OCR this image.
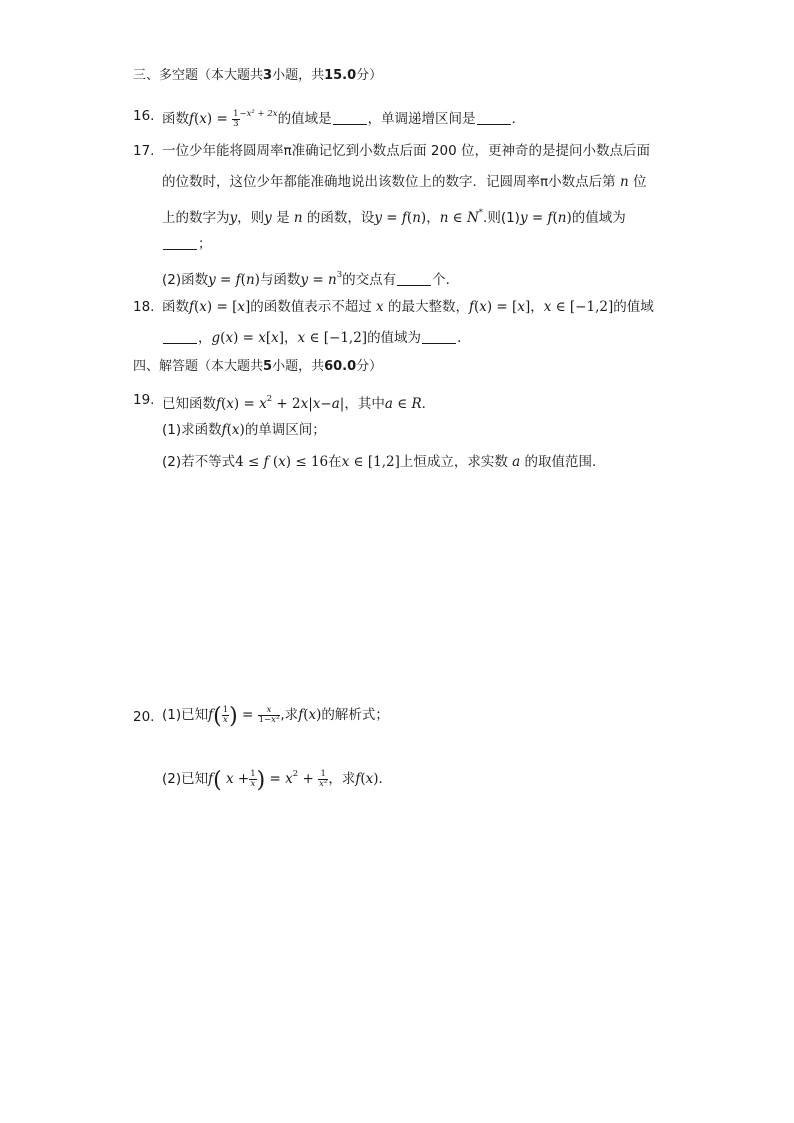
三、多空题（本大题共3小题，共15.0分）
16. 函数$f(x) = \frac{1}{3} ^{-x^2 + 2x}$的值域是	，单调递增区间是	．
17. 一位少年能将圆周率π准确记忆到小数点后面 200 位，更神奇的是提问小数点后面
的位数时，这位少年都能准确地说出该数位上的数字．记圆周率π小数点后第 n 位
上的数字为y，则y 是 n 的函数，设y = f(n)，n ∈ N*.则(1)y = f(n)的值域为
；
(2)函数y = f(n)与函数$y = n^3$的交点有	个．
18. 函数f(x) = [x]的函数值表示不超过 x 的最大整数，f(x) = [x]，x ∈ [−1,2]的值域
，g(x) = x[x]，x ∈ [−1,2]的值域为	．
四、解答题（本大题共5小题，共60.0分）
19. 已知函数$f(x) = x^2 + 2x|x-a|$，其中a ∈ R．
(1)求函数f(x)的单调区间；
(2)若不等式4 ≤ f (x) ≤ 16在x ∈ [1,2]上恒成立，求实数 a 的取值范围．
20. (1)已知$f( \frac{1}{x}$ ) = $\frac{x}{\text{1−x²}}$ ,求f(x)的解析式；
(2)已知f( $x + \frac{1}{x}$ ) = $x^2 + \frac{1}{\text{x²}}$ ，求f(x)．
